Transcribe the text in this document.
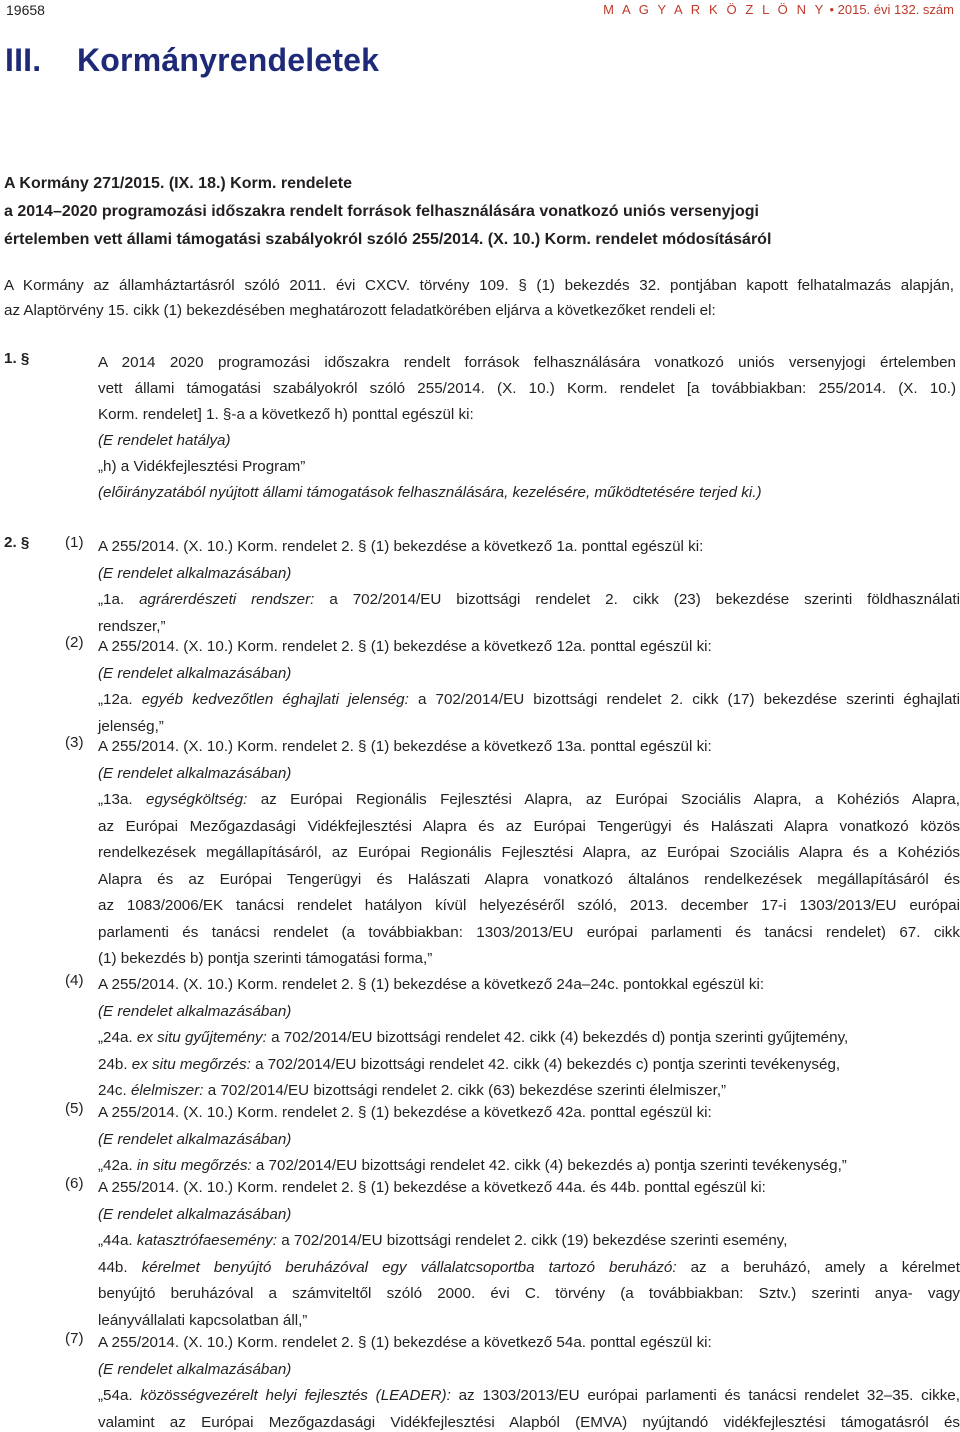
19658	M A G Y A R K Ö Z L Ö N Y • 2015. évi 132. szám
III. Kormányrendeletek
A Kormány 271/2015. (IX. 18.) Korm. rendelete
a 2014–2020 programozási időszakra rendelt források felhasználására vonatkozó uniós versenyjogi
értelemben vett állami támogatási szabályokról szóló 255/2014. (X. 10.) Korm. rendelet módosításáról
A Kormány az államháztartásról szóló 2011. évi CXCV. törvény 109. § (1) bekezdés 32. pontjában kapott felhatalmazás alapján,
az Alaptörvény 15. cikk (1) bekezdésében meghatározott feladatkörében eljárva a következőket rendeli el:
1. §	A 2014 2020 programozási időszakra rendelt források felhasználására vonatkozó uniós versenyjogi értelemben
vett állami támogatási szabályokról szóló 255/2014. (X. 10.) Korm. rendelet [a továbbiakban: 255/2014. (X. 10.)
Korm. rendelet] 1. §-a a következő h) ponttal egészül ki:
(E rendelet hatálya)
„h) a Vidékfejlesztési Program”
(előirányzatából nyújtott állami támogatások felhasználására, kezelésére, működtetésére terjed ki.)
2. § (1) A 255/2014. (X. 10.) Korm. rendelet 2. § (1) bekezdése a következő 1a. ponttal egészül ki:
(E rendelet alkalmazásában)
„1a. agrárerdészeti rendszer: a 702/2014/EU bizottsági rendelet 2. cikk (23) bekezdése szerinti földhasználati
rendszer,”
(2) A 255/2014. (X. 10.) Korm. rendelet 2. § (1) bekezdése a következő 12a. ponttal egészül ki:
(E rendelet alkalmazásában)
„12a. egyéb kedvezőtlen éghajlati jelenség: a 702/2014/EU bizottsági rendelet 2. cikk (17) bekezdése szerinti éghajlati
jelenség,”
(3) A 255/2014. (X. 10.) Korm. rendelet 2. § (1) bekezdése a következő 13a. ponttal egészül ki:
(E rendelet alkalmazásában)
„13a. egységköltség: az Európai Regionális Fejlesztési Alapra, az Európai Szociális Alapra, a Kohéziós Alapra,
az Európai Mezőgazdasági Vidékfejlesztési Alapra és az Európai Tengerügyi és Halászati Alapra vonatkozó közös
rendelkezések megállapításáról, az Európai Regionális Fejlesztési Alapra, az Európai Szociális Alapra és a Kohéziós
Alapra és az Európai Tengerügyi és Halászati Alapra vonatkozó általános rendelkezések megállapításáról és
az 1083/2006/EK tanácsi rendelet hatályon kívül helyezéséről szóló, 2013. december 17-i 1303/2013/EU európai
parlamenti és tanácsi rendelet (a továbbiakban: 1303/2013/EU európai parlamenti és tanácsi rendelet) 67. cikk
(1) bekezdés b) pontja szerinti támogatási forma,”
(4) A 255/2014. (X. 10.) Korm. rendelet 2. § (1) bekezdése a következő 24a–24c. pontokkal egészül ki:
(E rendelet alkalmazásában)
„24a. ex situ gyűjtemény: a 702/2014/EU bizottsági rendelet 42. cikk (4) bekezdés d) pontja szerinti gyűjtemény,
24b. ex situ megőrzés: a 702/2014/EU bizottsági rendelet 42. cikk (4) bekezdés c) pontja szerinti tevékenység,
24c. élelmiszer: a 702/2014/EU bizottsági rendelet 2. cikk (63) bekezdése szerinti élelmiszer,”
(5) A 255/2014. (X. 10.) Korm. rendelet 2. § (1) bekezdése a következő 42a. ponttal egészül ki:
(E rendelet alkalmazásában)
„42a. in situ megőrzés: a 702/2014/EU bizottsági rendelet 42. cikk (4) bekezdés a) pontja szerinti tevékenység,”
(6) A 255/2014. (X. 10.) Korm. rendelet 2. § (1) bekezdése a következő 44a. és 44b. ponttal egészül ki:
(E rendelet alkalmazásában)
„44a. katasztrófaesemény: a 702/2014/EU bizottsági rendelet 2. cikk (19) bekezdése szerinti esemény,
44b. kérelmet benyújtó beruházóval egy vállalatcsoportba tartozó beruházó: az a beruházó, amely a kérelmet
benyújtó beruházóval a számviteltől szóló 2000. évi C. törvény (a továbbiakban: Sztv.) szerinti anya- vagy
leányvállalati kapcsolatban áll,”
(7) A 255/2014. (X. 10.) Korm. rendelet 2. § (1) bekezdése a következő 54a. ponttal egészül ki:
(E rendelet alkalmazásában)
„54a. közösségvezérelt helyi fejlesztés (LEADER): az 1303/2013/EU európai parlamenti és tanácsi rendelet 32–35. cikke,
valamint az Európai Mezőgazdasági Vidékfejlesztési Alapból (EMVA) nyújtandó vidékfejlesztési támogatásról és
